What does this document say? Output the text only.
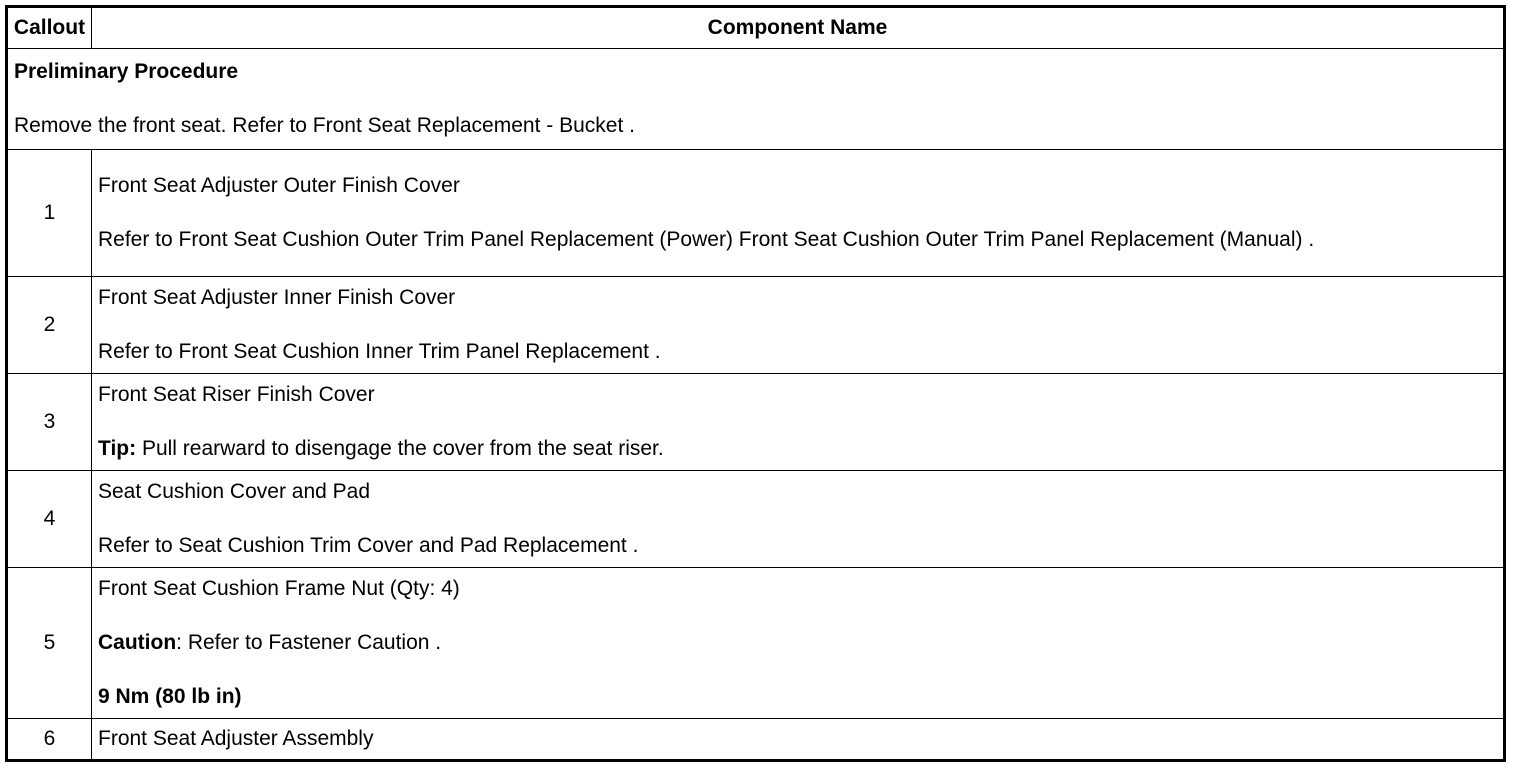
Callout	Component Name

Preliminary Procedure

Remove the front seat. Refer to Front Seat Replacement - Bucket .	

1	Front Seat Adjuster Outer Finish Cover

Refer to Front Seat Cushion Outer Trim Panel Replacement (Power) Front Seat Cushion Outer Trim Panel Replacement (Manual) .

2	Front Seat Adjuster Inner Finish Cover

Refer to Front Seat Cushion Inner Trim Panel Replacement .

3	Front Seat Riser Finish Cover

Tip: Pull rearward to disengage the cover from the seat riser.

4	Seat Cushion Cover and Pad

Refer to Seat Cushion Trim Cover and Pad Replacement .

5	Front Seat Cushion Frame Nut (Qty: 4)

Caution: Refer to Fastener Caution .

9 Nm (80 lb in)

6	Front Seat Adjuster Assembly
